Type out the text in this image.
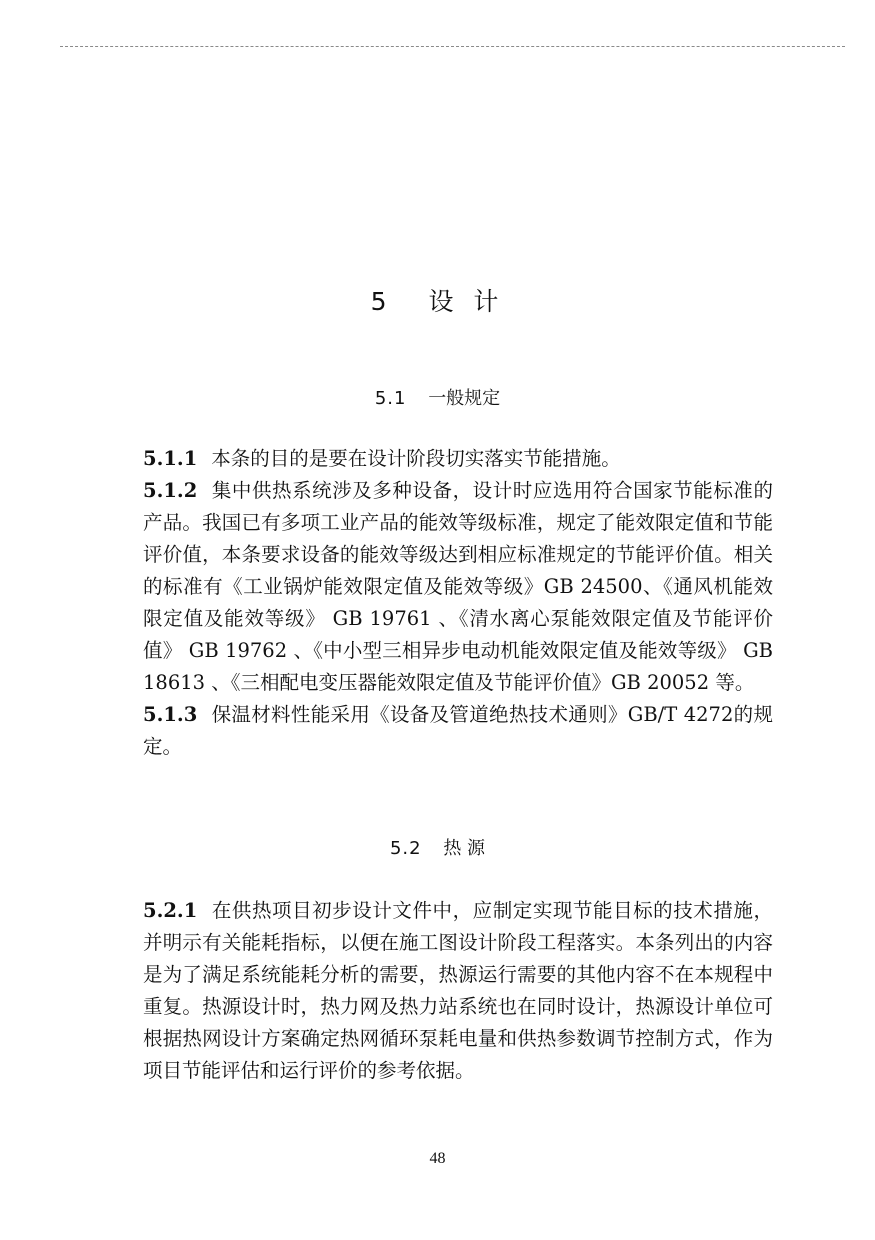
5 设 计
5.1 一般规定

5.1.1 本条的目的是要在设计阶段切实落实节能措施。

5.1.2 集中供热系统涉及多种设备，设计时应选用符合国家节能标准的产品。我国已有多项工业产品的能效等级标准，规定了能效限定值和节能评价值，本条要求设备的能效等级达到相应标准规定的节能评价值。相关的标准有《工业锅炉能效限定值及能效等级》GB 24500、《通风机能效限定值及能效等级》 GB 19761 、《清水离心泵能效限定值及节能评价值》 GB 19762 、《中小型三相异步电动机能效限定值及能效等级》 GB 18613 、《三相配电变压器能效限定值及节能评价值》GB 20052 等。

5.1.3 保温材料性能采用《设备及管道绝热技术通则》GB/T 4272的规定。

5.2 热 源

5.2.1 在供热项目初步设计文件中，应制定实现节能目标的技术措施，并明示有关能耗指标，以便在施工图设计阶段工程落实。本条列出的内容是为了满足系统能耗分析的需要，热源运行需要的其他内容不在本规程中重复。热源设计时，热力网及热力站系统也在同时设计，热源设计单位可根据热网设计方案确定热网循环泵耗电量和供热参数调节控制方式，作为项目节能评估和运行评价的参考依据。

48
